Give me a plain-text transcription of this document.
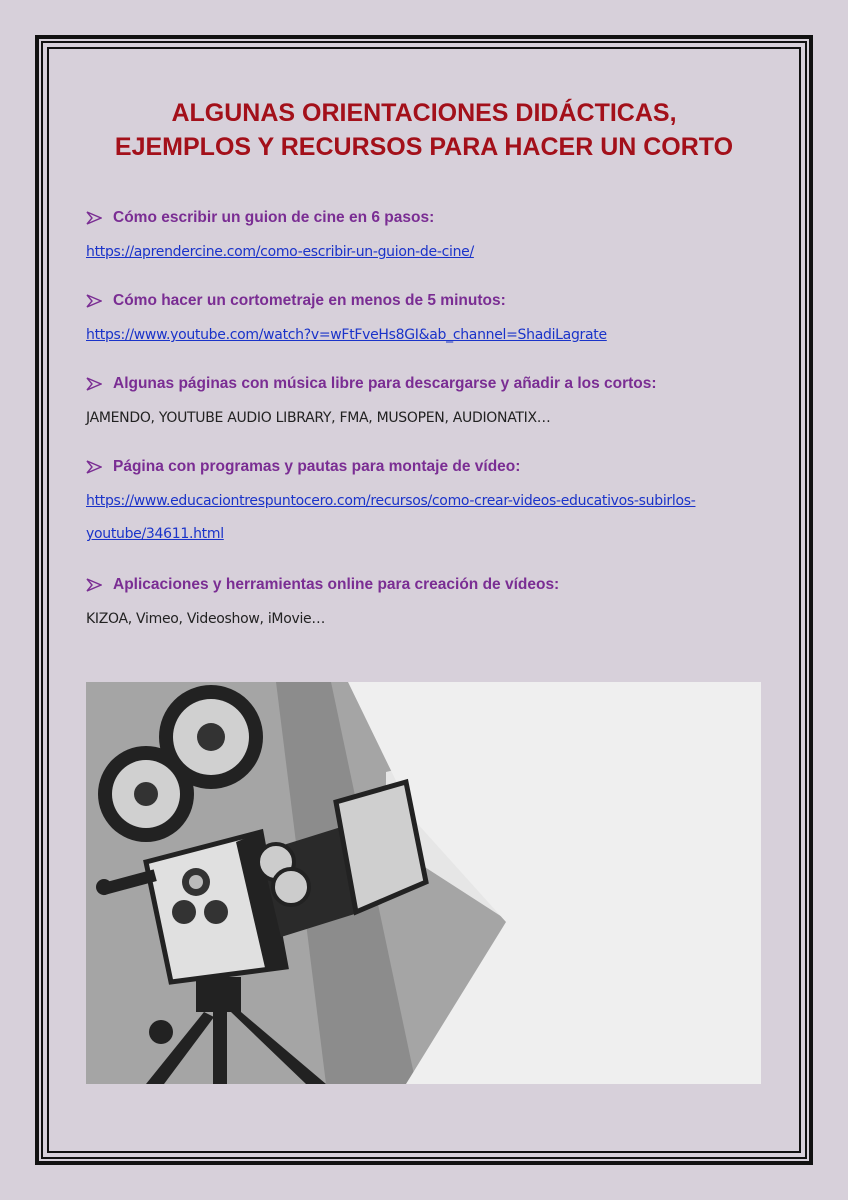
ALGUNAS ORIENTACIONES DIDÁCTICAS,
EJEMPLOS Y RECURSOS PARA HACER UN CORTO
Cómo escribir un guion de cine en 6 pasos:
https://aprendercine.com/como-escribir-un-guion-de-cine/
Cómo hacer un cortometraje en menos de 5 minutos:
https://www.youtube.com/watch?v=wFtFveHs8GI&ab_channel=ShadiLagrate
Algunas páginas con música libre para descargarse y añadir a los cortos:
JAMENDO, YOUTUBE AUDIO LIBRARY, FMA, MUSOPEN, AUDIONATIX…
Página con programas y pautas para montaje de vídeo:
https://www.educaciontrespuntocero.com/recursos/como-crear-videos-educativos-subirlos-
youtube/34611.html
Aplicaciones y herramientas online para creación de vídeos:
KIZOA, Vimeo, Videoshow, iMovie…
